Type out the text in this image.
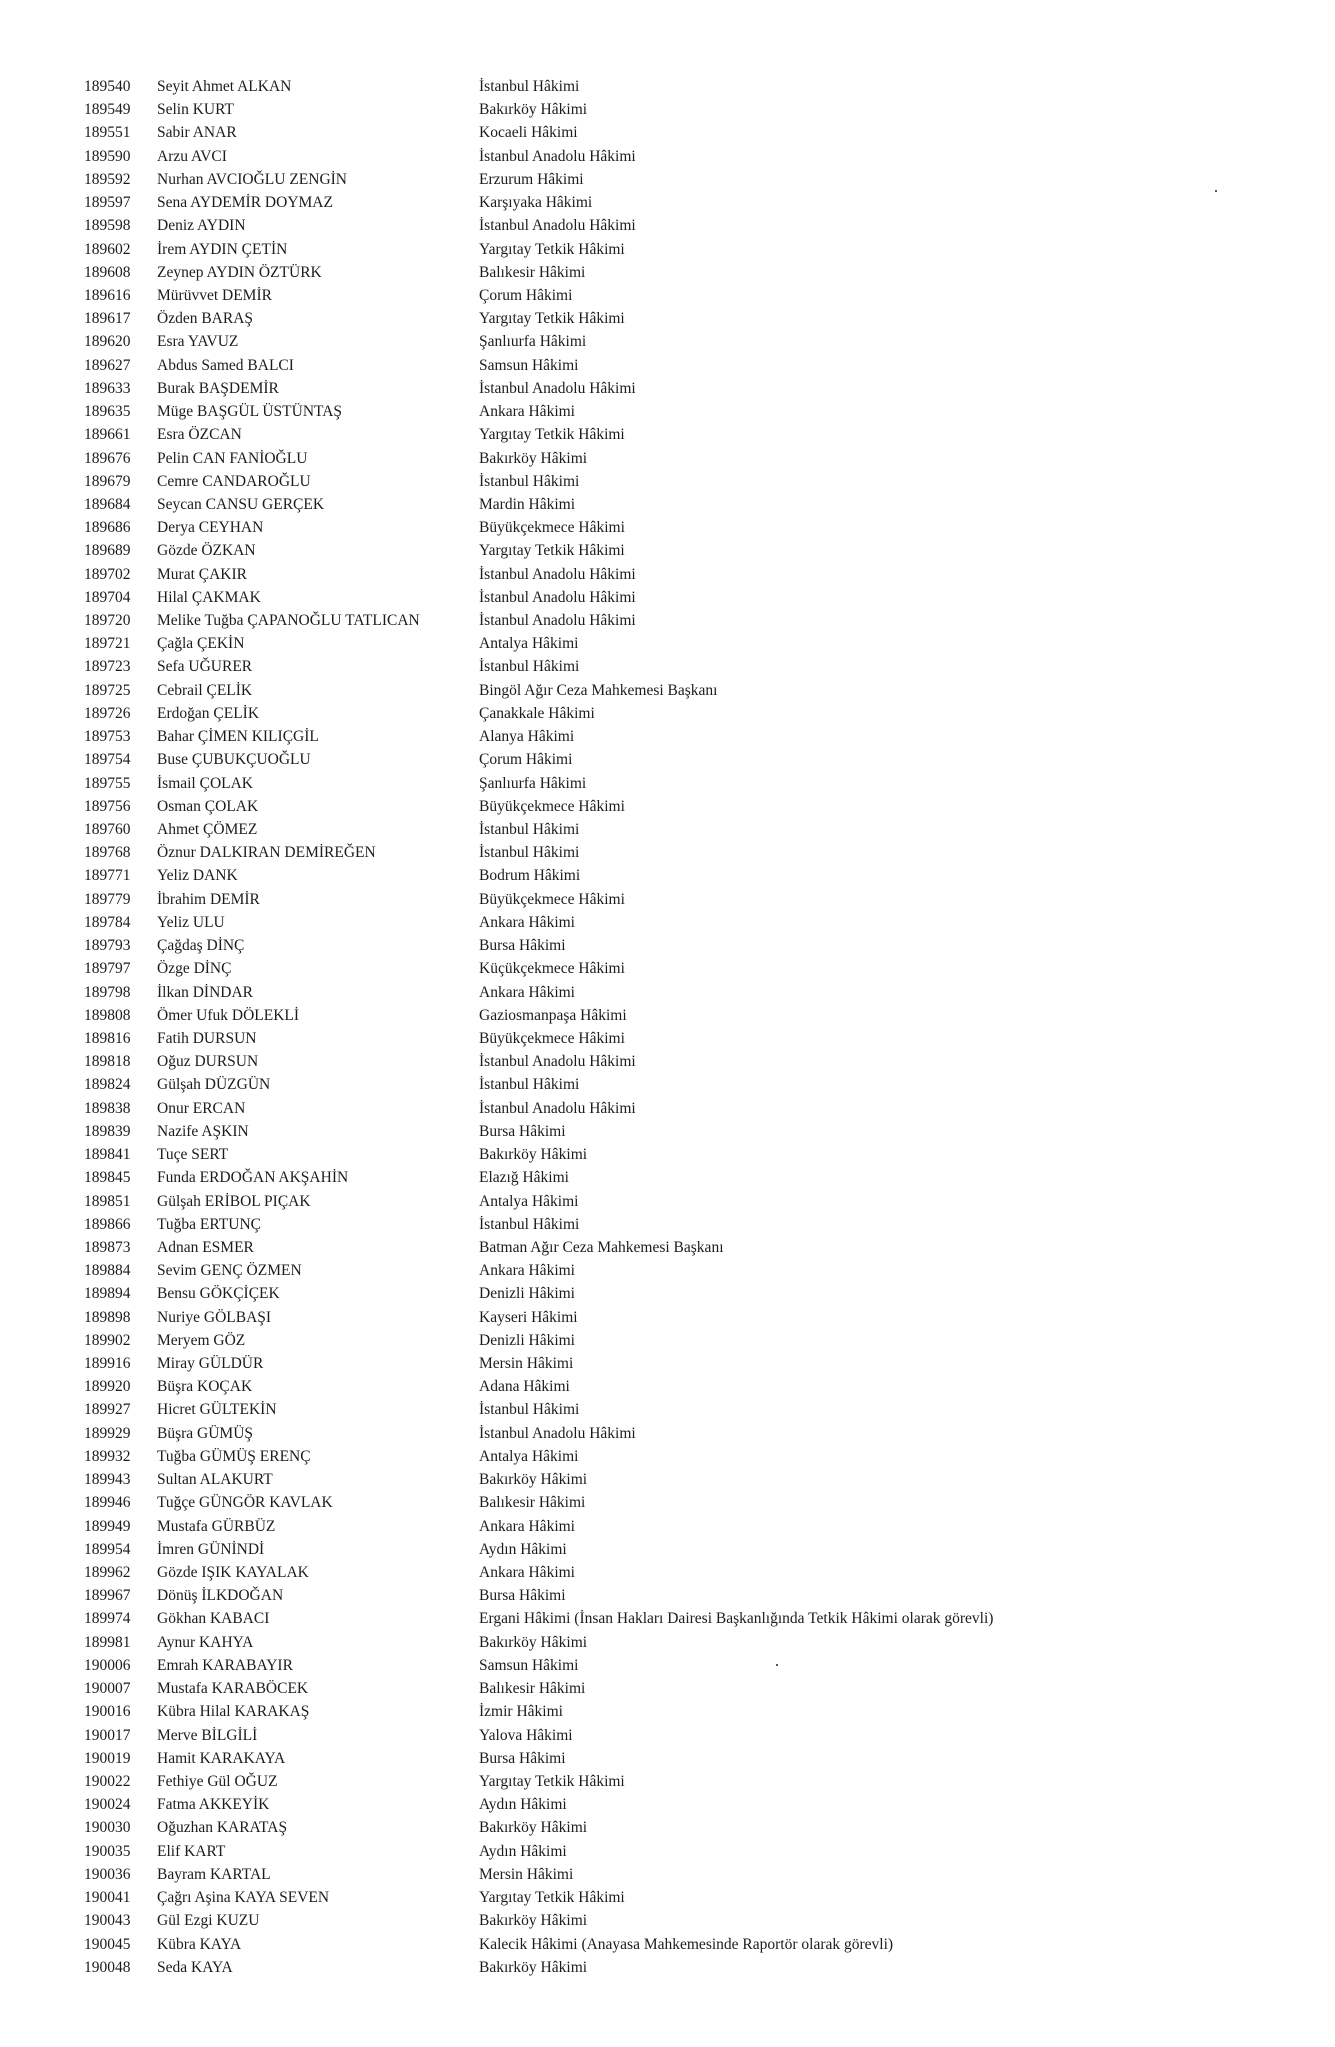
189540 Seyit Ahmet ALKAN	İstanbul Hâkimi
189549 Selin KURT	Bakırköy Hâkimi
189551 Sabir ANAR	Kocaeli Hâkimi
189590 Arzu AVCI	İstanbul Anadolu Hâkimi
189592 Nurhan AVCIOĞLU ZENGİN	Erzurum Hâkimi
189597 Sena AYDEMİR DOYMAZ	Karşıyaka Hâkimi
189598 Deniz AYDIN	İstanbul Anadolu Hâkimi
189602 İrem AYDIN ÇETİN	Yargıtay Tetkik Hâkimi
189608 Zeynep AYDIN ÖZTÜRK	Balıkesir Hâkimi
189616 Mürüvvet DEMİR	Çorum Hâkimi
189617 Özden BARAŞ	Yargıtay Tetkik Hâkimi
189620 Esra YAVUZ	Şanlıurfa Hâkimi
189627 Abdus Samed BALCI	Samsun Hâkimi
189633 Burak BAŞDEMİR	İstanbul Anadolu Hâkimi
189635 Müge BAŞGÜL ÜSTÜNTAŞ	Ankara Hâkimi
189661 Esra ÖZCAN	Yargıtay Tetkik Hâkimi
189676 Pelin CAN FANİOĞLU	Bakırköy Hâkimi
189679 Cemre CANDAROĞLU	İstanbul Hâkimi
189684 Seycan CANSU GERÇEK	Mardin Hâkimi
189686 Derya CEYHAN	Büyükçekmece Hâkimi
189689 Gözde ÖZKAN	Yargıtay Tetkik Hâkimi
189702 Murat ÇAKIR	İstanbul Anadolu Hâkimi
189704 Hilal ÇAKMAK	İstanbul Anadolu Hâkimi
189720 Melike Tuğba ÇAPANOĞLU TATLICAN	İstanbul Anadolu Hâkimi
189721 Çağla ÇEKİN	Antalya Hâkimi
189723 Sefa UĞURER	İstanbul Hâkimi
189725 Cebrail ÇELİK	Bingöl Ağır Ceza Mahkemesi Başkanı
189726 Erdoğan ÇELİK	Çanakkale Hâkimi
189753 Bahar ÇİMEN KILIÇGİL	Alanya Hâkimi
189754 Buse ÇUBUKÇUOĞLU	Çorum Hâkimi
189755 İsmail ÇOLAK	Şanlıurfa Hâkimi
189756 Osman ÇOLAK	Büyükçekmece Hâkimi
189760 Ahmet ÇÖMEZ	İstanbul Hâkimi
189768 Öznur DALKIRAN DEMİREĞEN	İstanbul Hâkimi
189771 Yeliz DANK	Bodrum Hâkimi
189779 İbrahim DEMİR	Büyükçekmece Hâkimi
189784 Yeliz ULU	Ankara Hâkimi
189793 Çağdaş DİNÇ	Bursa Hâkimi
189797 Özge DİNÇ	Küçükçekmece Hâkimi
189798 İlkan DİNDAR	Ankara Hâkimi
189808 Ömer Ufuk DÖLEKLİ	Gaziosmanpaşa Hâkimi
189816 Fatih DURSUN	Büyükçekmece Hâkimi
189818 Oğuz DURSUN	İstanbul Anadolu Hâkimi
189824 Gülşah DÜZGÜN	İstanbul Hâkimi
189838 Onur ERCAN	İstanbul Anadolu Hâkimi
189839 Nazife AŞKIN	Bursa Hâkimi
189841 Tuçe SERT	Bakırköy Hâkimi
189845 Funda ERDOĞAN AKŞAHİN	Elazığ Hâkimi
189851 Gülşah ERİBOL PIÇAK	Antalya Hâkimi
189866 Tuğba ERTUNÇ	İstanbul Hâkimi
189873 Adnan ESMER	Batman Ağır Ceza Mahkemesi Başkanı
189884 Sevim GENÇ ÖZMEN	Ankara Hâkimi
189894 Bensu GÖKÇİÇEK	Denizli Hâkimi
189898 Nuriye GÖLBAŞI	Kayseri Hâkimi
189902 Meryem GÖZ	Denizli Hâkimi
189916 Miray GÜLDÜR	Mersin Hâkimi
189920 Büşra KOÇAK	Adana Hâkimi
189927 Hicret GÜLTEKİN	İstanbul Hâkimi
189929 Büşra GÜMÜŞ	İstanbul Anadolu Hâkimi
189932 Tuğba GÜMÜŞ ERENÇ	Antalya Hâkimi
189943 Sultan ALAKURT	Bakırköy Hâkimi
189946 Tuğçe GÜNGÖR KAVLAK	Balıkesir Hâkimi
189949 Mustafa GÜRBÜZ	Ankara Hâkimi
189954 İmren GÜNİNDİ	Aydın Hâkimi
189962 Gözde IŞIK KAYALAK	Ankara Hâkimi
189967 Dönüş İLKDOĞAN	Bursa Hâkimi
189974 Gökhan KABACI	Ergani Hâkimi (İnsan Hakları Dairesi Başkanlığında Tetkik Hâkimi olarak görevli)
189981 Aynur KAHYA	Bakırköy Hâkimi
190006 Emrah KARABAYIR	Samsun Hâkimi
190007 Mustafa KARABÖCEK	Balıkesir Hâkimi
190016 Kübra Hilal KARAKAŞ	İzmir Hâkimi
190017 Merve BİLGİLİ	Yalova Hâkimi
190019 Hamit KARAKAYA	Bursa Hâkimi
190022 Fethiye Gül OĞUZ	Yargıtay Tetkik Hâkimi
190024 Fatma AKKEYİK	Aydın Hâkimi
190030 Oğuzhan KARATAŞ	Bakırköy Hâkimi
190035 Elif KART	Aydın Hâkimi
190036 Bayram KARTAL	Mersin Hâkimi
190041 Çağrı Aşina KAYA SEVEN	Yargıtay Tetkik Hâkimi
190043 Gül Ezgi KUZU	Bakırköy Hâkimi
190045 Kübra KAYA	Kalecik Hâkimi (Anayasa Mahkemesinde Raportör olarak görevli)
190048 Seda KAYA	Bakırköy Hâkimi
